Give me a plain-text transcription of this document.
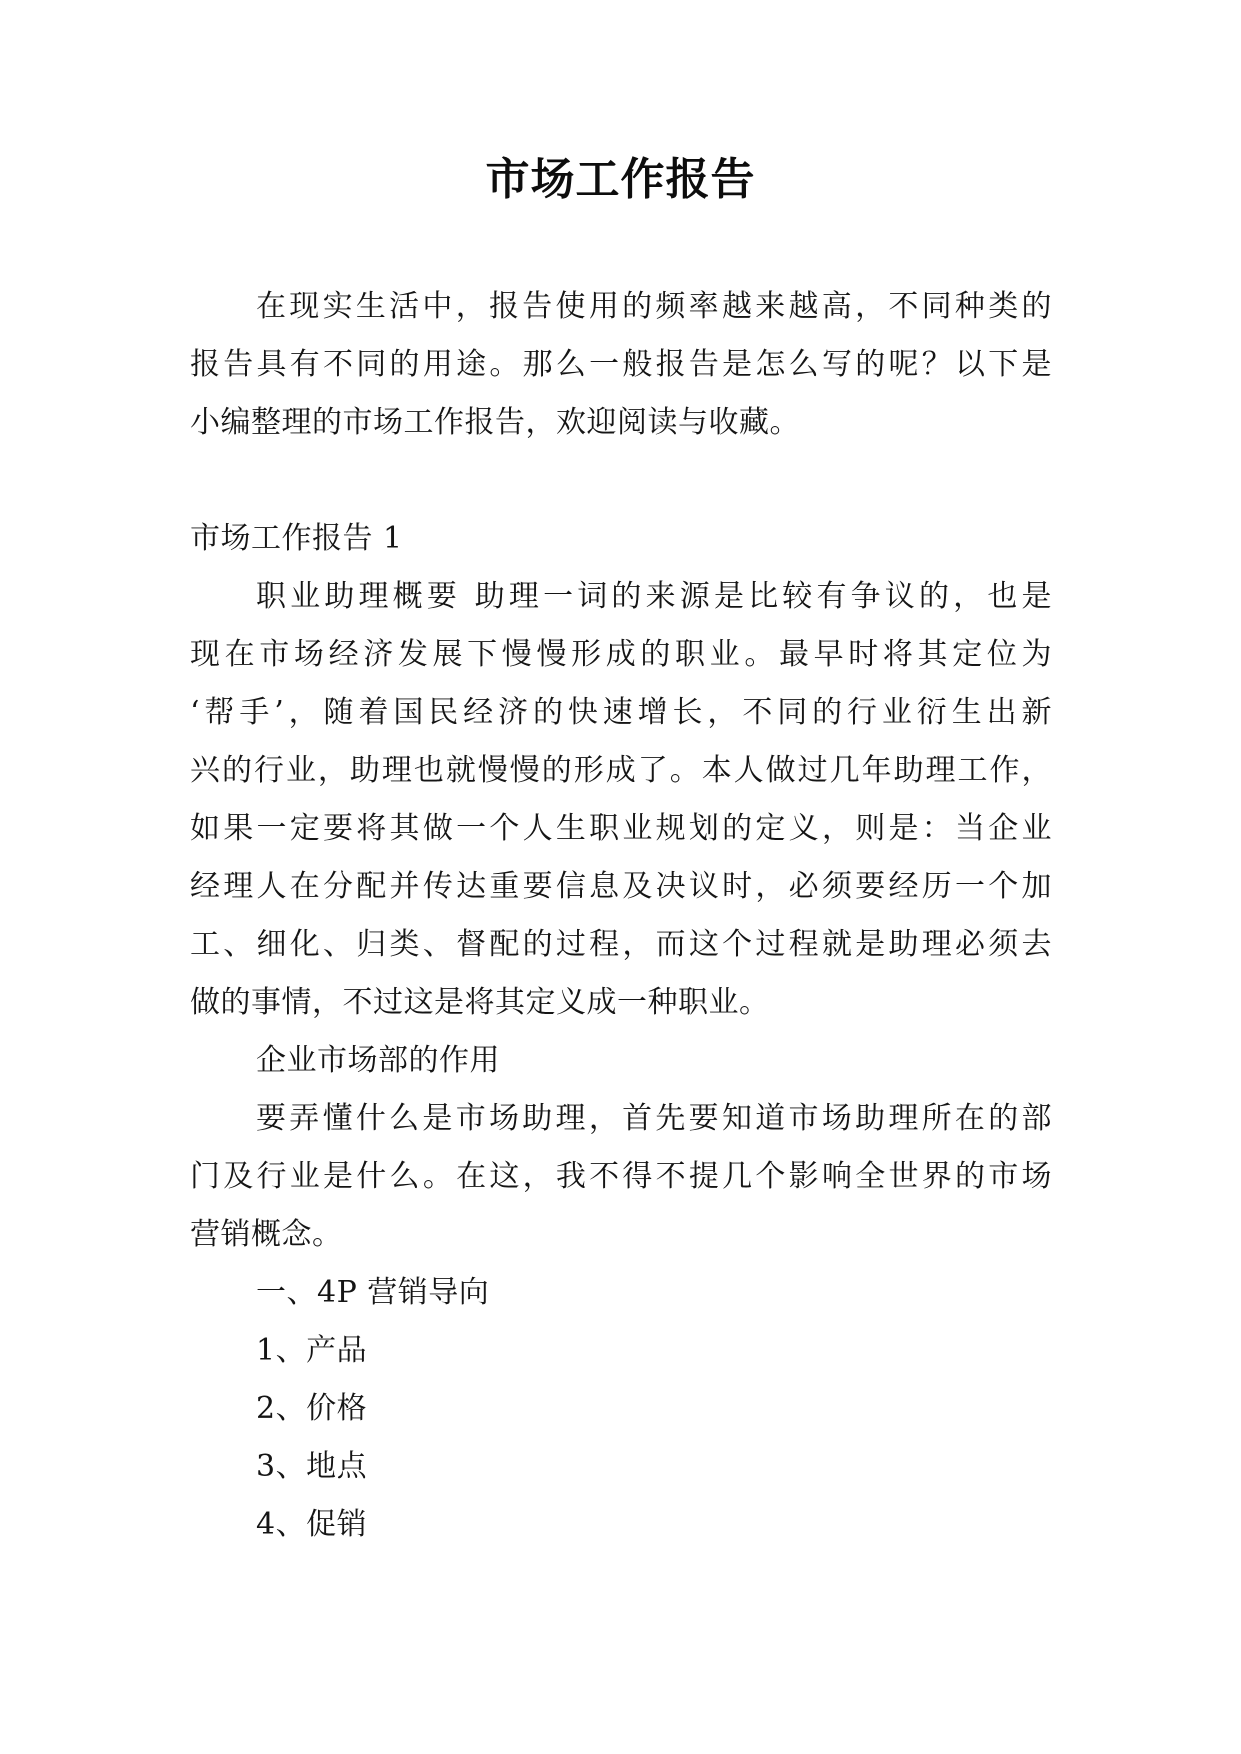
市场工作报告
在现实生活中，报告使用的频率越来越高，不同种类的
报告具有不同的用途。那么一般报告是怎么写的呢？以下是
小编整理的市场工作报告，欢迎阅读与收藏。
市场工作报告 1
职业助理概要 助理一词的来源是比较有争议的，也是
现在市场经济发展下慢慢形成的职业。最早时将其定位为
‘帮手’，随着国民经济的快速增长，不同的行业衍生出新
兴的行业，助理也就慢慢的形成了。本人做过几年助理工作，
如果一定要将其做一个人生职业规划的定义，则是：当企业
经理人在分配并传达重要信息及决议时，必须要经历一个加
工、细化、归类、督配的过程，而这个过程就是助理必须去
做的事情，不过这是将其定义成一种职业。
企业市场部的作用
要弄懂什么是市场助理，首先要知道市场助理所在的部
门及行业是什么。在这，我不得不提几个影响全世界的市场
营销概念。
一、4P 营销导向
1、产品
2、价格
3、地点
4、促销
